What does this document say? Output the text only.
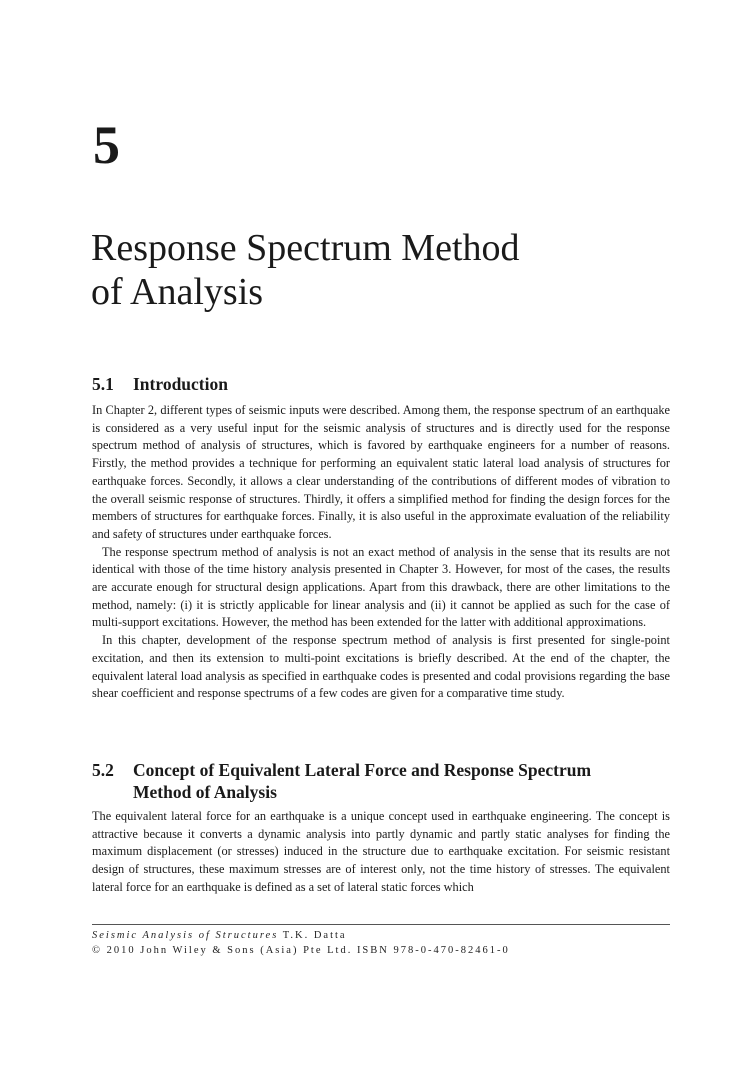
5
Response Spectrum Method
of Analysis
5.1 Introduction

In Chapter 2, different types of seismic inputs were described. Among them, the response spectrum of an earthquake is considered as a very useful input for the seismic analysis of structures and is directly used for the response spectrum method of analysis of structures, which is favored by earthquake engineers for a number of reasons. Firstly, the method provides a technique for performing an equivalent static lateral load analysis of structures for earthquake forces. Secondly, it allows a clear understanding of the contributions of different modes of vibration to the overall seismic response of structures. Thirdly, it offers a simplified method for finding the design forces for the members of structures for earthquake forces. Finally, it is also useful in the approximate evaluation of the reliability and safety of structures under earthquake forces.

The response spectrum method of analysis is not an exact method of analysis in the sense that its results are not identical with those of the time history analysis presented in Chapter 3. However, for most of the cases, the results are accurate enough for structural design applications. Apart from this drawback, there are other limitations to the method, namely: (i) it is strictly applicable for linear analysis and (ii) it cannot be applied as such for the case of multi-support excitations. However, the method has been extended for the latter with additional approximations.

In this chapter, development of the response spectrum method of analysis is first presented for single-point excitation, and then its extension to multi-point excitations is briefly described. At the end of the chapter, the equivalent lateral load analysis as specified in earthquake codes is presented and codal provisions regarding the base shear coefficient and response spectrums of a few codes are given for a comparative time study.

5.2 Concept of Equivalent Lateral Force and Response Spectrum
Method of Analysis

The equivalent lateral force for an earthquake is a unique concept used in earthquake engineering. The concept is attractive because it converts a dynamic analysis into partly dynamic and partly static analyses for finding the maximum displacement (or stresses) induced in the structure due to earthquake excitation. For seismic resistant design of structures, these maximum stresses are of interest only, not the time history of stresses. The equivalent lateral force for an earthquake is defined as a set of lateral static forces which

Seismic Analysis of Structures T.K. Datta
© 2010 John Wiley & Sons (Asia) Pte Ltd. ISBN 978-0-470-82461-0
